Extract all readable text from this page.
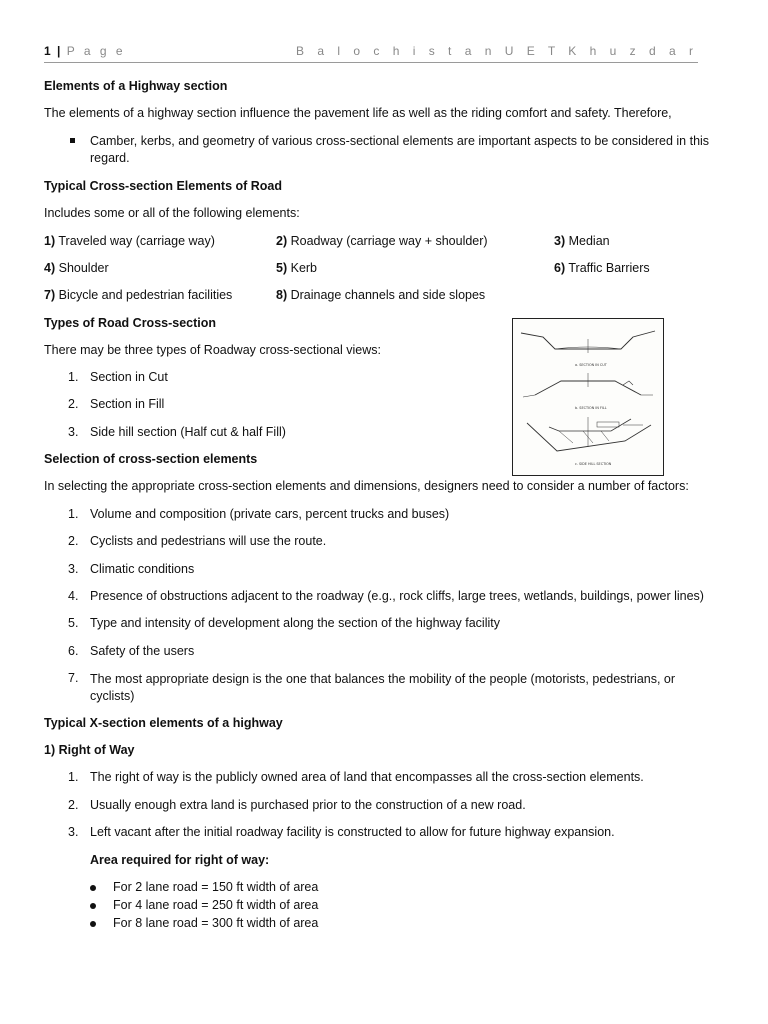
1 | P a g e	B a l o c h i s t a n U E T K h u z d a r
Elements of a Highway section
The elements of a highway section influence the pavement life as well as the riding comfort and safety. Therefore,
Camber, kerbs, and geometry of various cross-sectional elements are important aspects to be considered in this regard.
Typical Cross-section Elements of Road
Includes some or all of the following elements:
1) Traveled way (carriage way)	2) Roadway (carriage way + shoulder)	3) Median
4) Shoulder	5) Kerb	6) Traffic Barriers
7) Bicycle and pedestrian facilities	8) Drainage channels and side slopes
Types of Road Cross-section
There may be three types of Roadway cross-sectional views:
1. Section in Cut
2. Section in Fill
3. Side hill section (Half cut & half Fill)
a. SECTION IN CUT
b. SECTION IN FILL
c. SIDE HILL SECTION
Selection of cross-section elements
In selecting the appropriate cross-section elements and dimensions, designers need to consider a number of factors:
1. Volume and composition (private cars, percent trucks and buses)
2. Cyclists and pedestrians will use the route.
3. Climatic conditions
4. Presence of obstructions adjacent to the roadway (e.g., rock cliffs, large trees, wetlands, buildings, power lines)
5. Type and intensity of development along the section of the highway facility
6. Safety of the users
7. The most appropriate design is the one that balances the mobility of the people (motorists, pedestrians, or cyclists)
Typical X-section elements of a highway
1) Right of Way
1. The right of way is the publicly owned area of land that encompasses all the cross-section elements.
2. Usually enough extra land is purchased prior to the construction of a new road.
3. Left vacant after the initial roadway facility is constructed to allow for future highway expansion.
Area required for right of way:
For 2 lane road = 150 ft width of area
For 4 lane road = 250 ft width of area
For 8 lane road = 300 ft width of area
